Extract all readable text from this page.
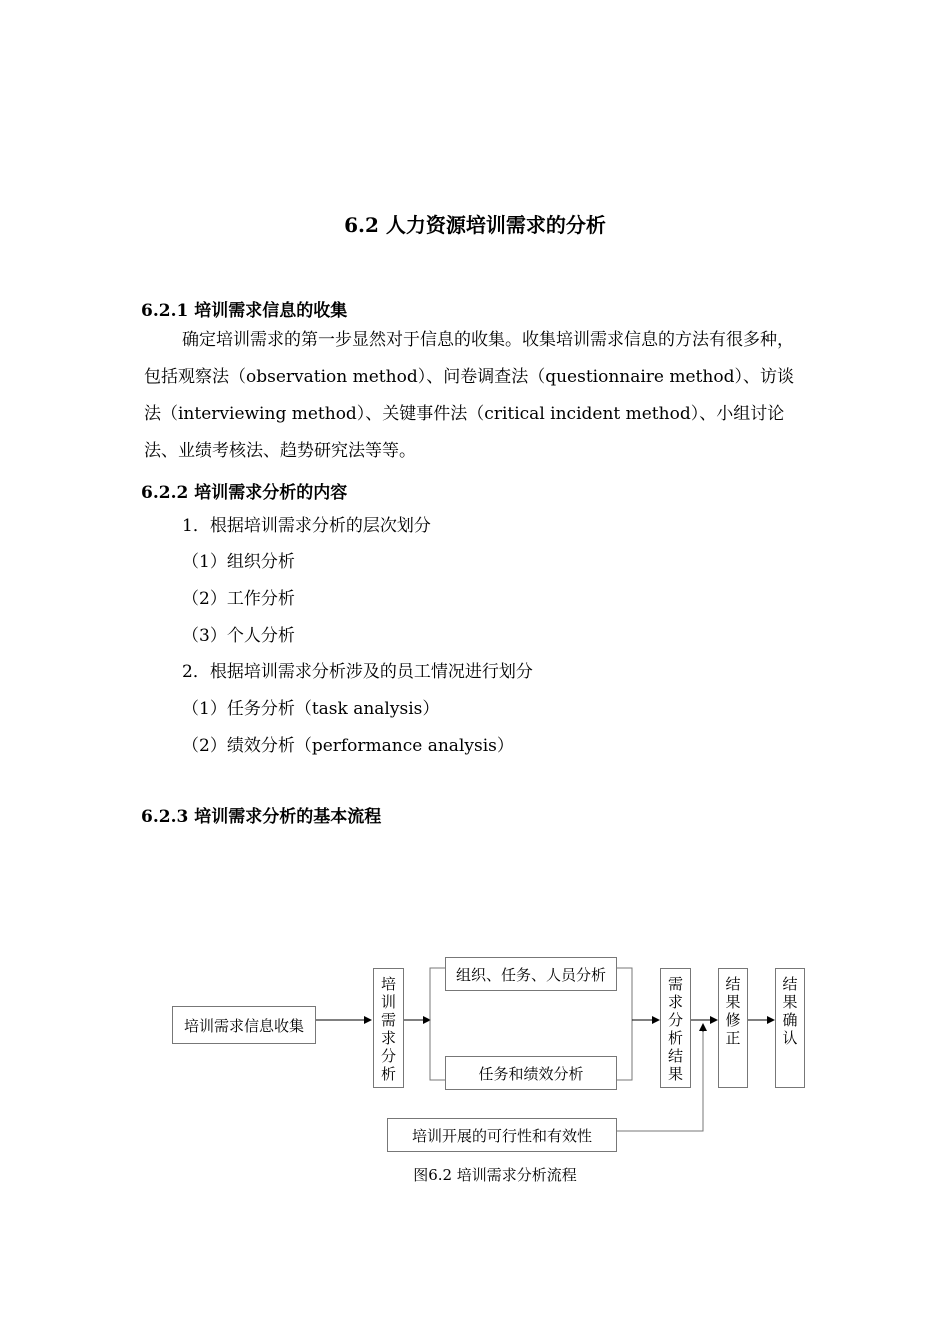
6.2 人力资源培训需求的分析
6.2.1 培训需求信息的收集
确定培训需求的第一步显然对于信息的收集。收集培训需求信息的方法有很多种，包括观察法（observation method）、问卷调查法（questionnaire method）、访谈法（interviewing method）、关键事件法（critical incident method）、小组讨论法、业绩考核法、趋势研究法等等。
6.2.2 培训需求分析的内容
1．根据培训需求分析的层次划分
（1）组织分析
（2）工作分析
（3）个人分析
2．根据培训需求分析涉及的员工情况进行划分
（1）任务分析（task analysis）
（2）绩效分析（performance analysis）
6.2.3 培训需求分析的基本流程
培训需求信息收集
培
训
需
求
分
析
组织、任务、人员分析
任务和绩效分析
需
求
分
析
结
果
结
果
修
正
结
果
确
认
培训开展的可行性和有效性
图6.2 培训需求分析流程
